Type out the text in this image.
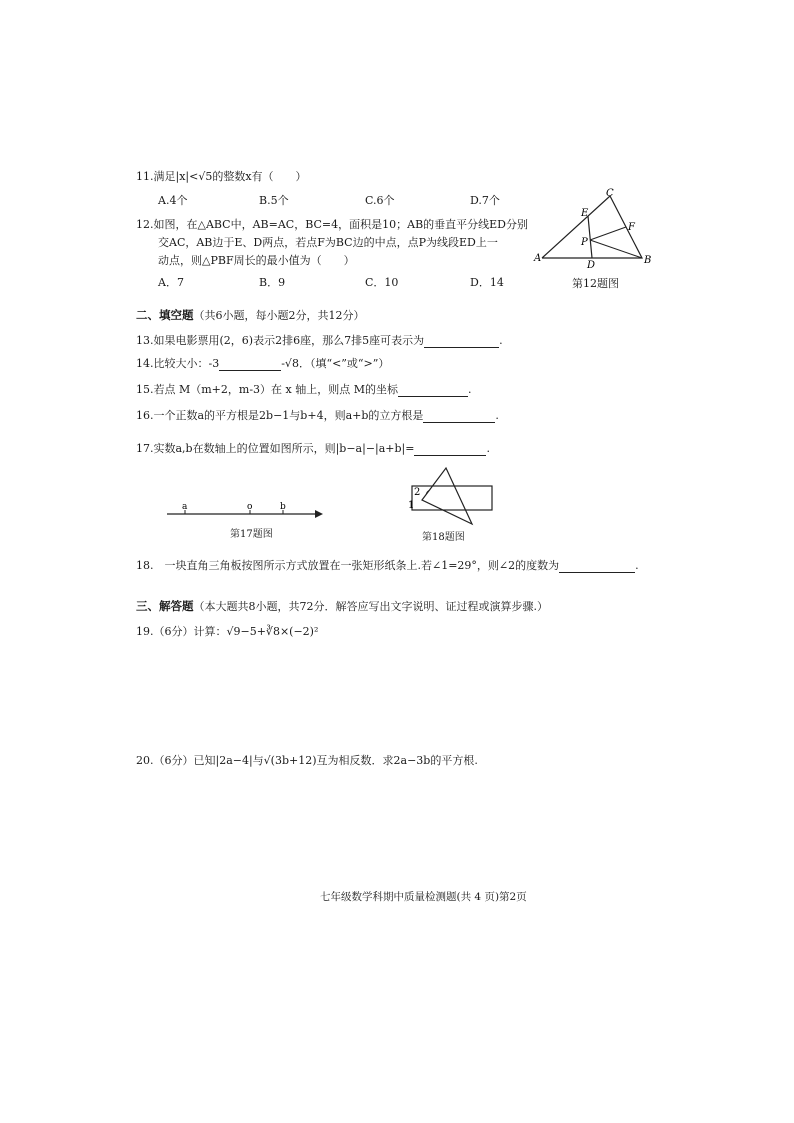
11.满足|x|<√5的整数x有（　　）
A.4个	B.5个	C.6个	D.7个
12.如图，在△ABC中，AB=AC，BC=4，面积是10；AB的垂直平分线ED分别
交AC，AB边于E、D两点，若点F为BC边的中点，点P为线段ED上一
动点，则△PBF周长的最小值为（　　）
A．7	B．9	C．10	D．14
A	B
C
D
E
F
P
第12题图
二、填空题（共6小题，每小题2分，共12分）
13.如果电影票用(2，6)表示2排6座，那么7排5座可表示为	.
14.比较大小：-3	-√8．（填“<”或“>”）
15.若点 M（m+2，m-3）在 x 轴上，则点 M的坐标	.
16.一个正数a的平方根是2b−1与b+4，则a+b的立方根是	.
17.实数a,b在数轴上的位置如图所示，则|b−a|−|a+b|=	.
a	o	b
第17题图
2
1
第18题图
18.　一块直角三角板按图所示方式放置在一张矩形纸条上.若∠1=29°，则∠2的度数为	.
三、解答题（本大题共8小题，共72分．解答应写出文字说明、证过程或演算步骤.）
19.（6分）计算：√9−5+∛8×(−2)²
20.（6分）已知|2a−4|与√(3b+12)互为相反数．求2a−3b的平方根.
七年级数学科期中质量检测题(共 4 页)第2页
